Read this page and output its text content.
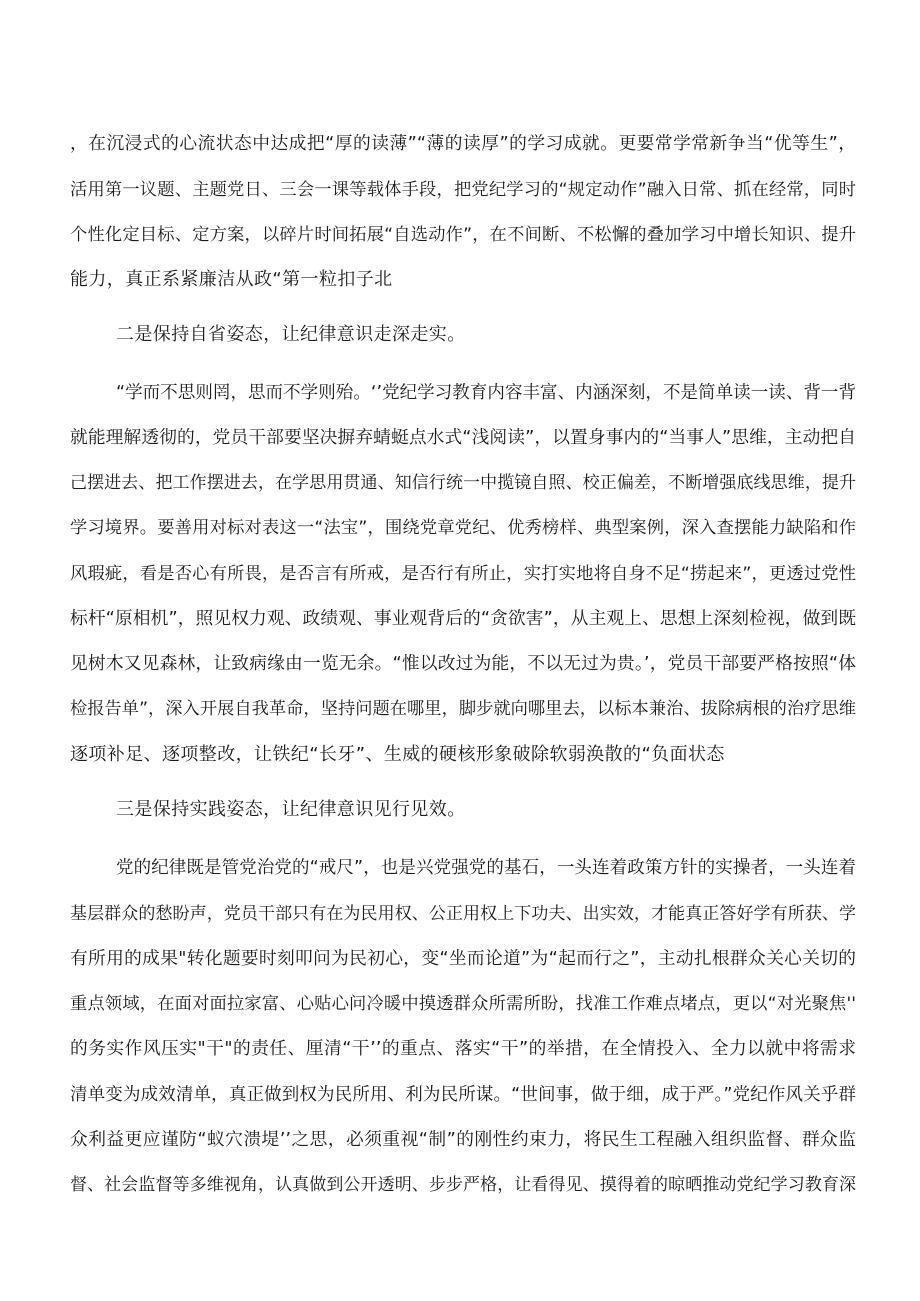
，在沉浸式的心流状态中达成把“厚的读薄”“薄的读厚”的学习成就。更要常学常新争当“优等生”，

活用第一议题、主题党日、三会一课等载体手段，把党纪学习的“规定动作”融入日常、抓在经常，同时

个性化定目标、定方案，以碎片时间拓展“自选动作”，在不间断、不松懈的叠加学习中增长知识、提升

能力，真正系紧廉洁从政“第一粒扣子北

二是保持自省姿态，让纪律意识走深走实。

“学而不思则罔，思而不学则殆。‘’党纪学习教育内容丰富、内涵深刻，不是简单读一读、背一背

就能理解透彻的，党员干部要坚决摒弃蜻蜓点水式“浅阅读”，以置身事内的“当事人”思维，主动把自

己摆进去、把工作摆进去，在学思用贯通、知信行统一中揽镜自照、校正偏差，不断增强底线思维，提升

学习境界。要善用对标对表这一“法宝”，围绕党章党纪、优秀榜样、典型案例，深入查摆能力缺陷和作

风瑕疵，看是否心有所畏，是否言有所戒，是否行有所止，实打实地将自身不足“捞起来”，更透过党性

标杆“原相机”，照见权力观、政绩观、事业观背后的“贪欲害”，从主观上、思想上深刻检视，做到既

见树木又见森林，让致病缘由一览无余。“惟以改过为能，不以无过为贵。’，党员干部要严格按照“体

检报告单”，深入开展自我革命，坚持问题在哪里，脚步就向哪里去，以标本兼治、拔除病根的治疗思维

逐项补足、逐项整改，让铁纪“长牙”、生威的硬核形象破除软弱涣散的“负面状态

三是保持实践姿态，让纪律意识见行见效。

党的纪律既是管党治党的“戒尺”，也是兴党强党的基石，一头连着政策方针的实操者，一头连着

基层群众的愁盼声，党员干部只有在为民用权、公正用权上下功夫、出实效，才能真正答好学有所获、学

有所用的成果"转化题要时刻叩问为民初心，变“坐而论道”为“起而行之”，主动扎根群众关心关切的

重点领域，在面对面拉家富、心贴心问冷暖中摸透群众所需所盼，找准工作难点堵点，更以“对光聚焦''

的务实作风压实"干"的责任、厘清“干’’的重点、落实“干”的举措，在全情投入、全力以就中将需求

清单变为成效清单，真正做到权为民所用、利为民所谋。“世间事，做于细，成于严。”党纪作风关乎群

众利益更应谨防“蚁穴溃堤’’之思，必须重视“制”的刚性约束力，将民生工程融入组织监督、群众监

督、社会监督等多维视角，认真做到公开透明、步步严格，让看得见、摸得着的晾晒推动党纪学习教育深
